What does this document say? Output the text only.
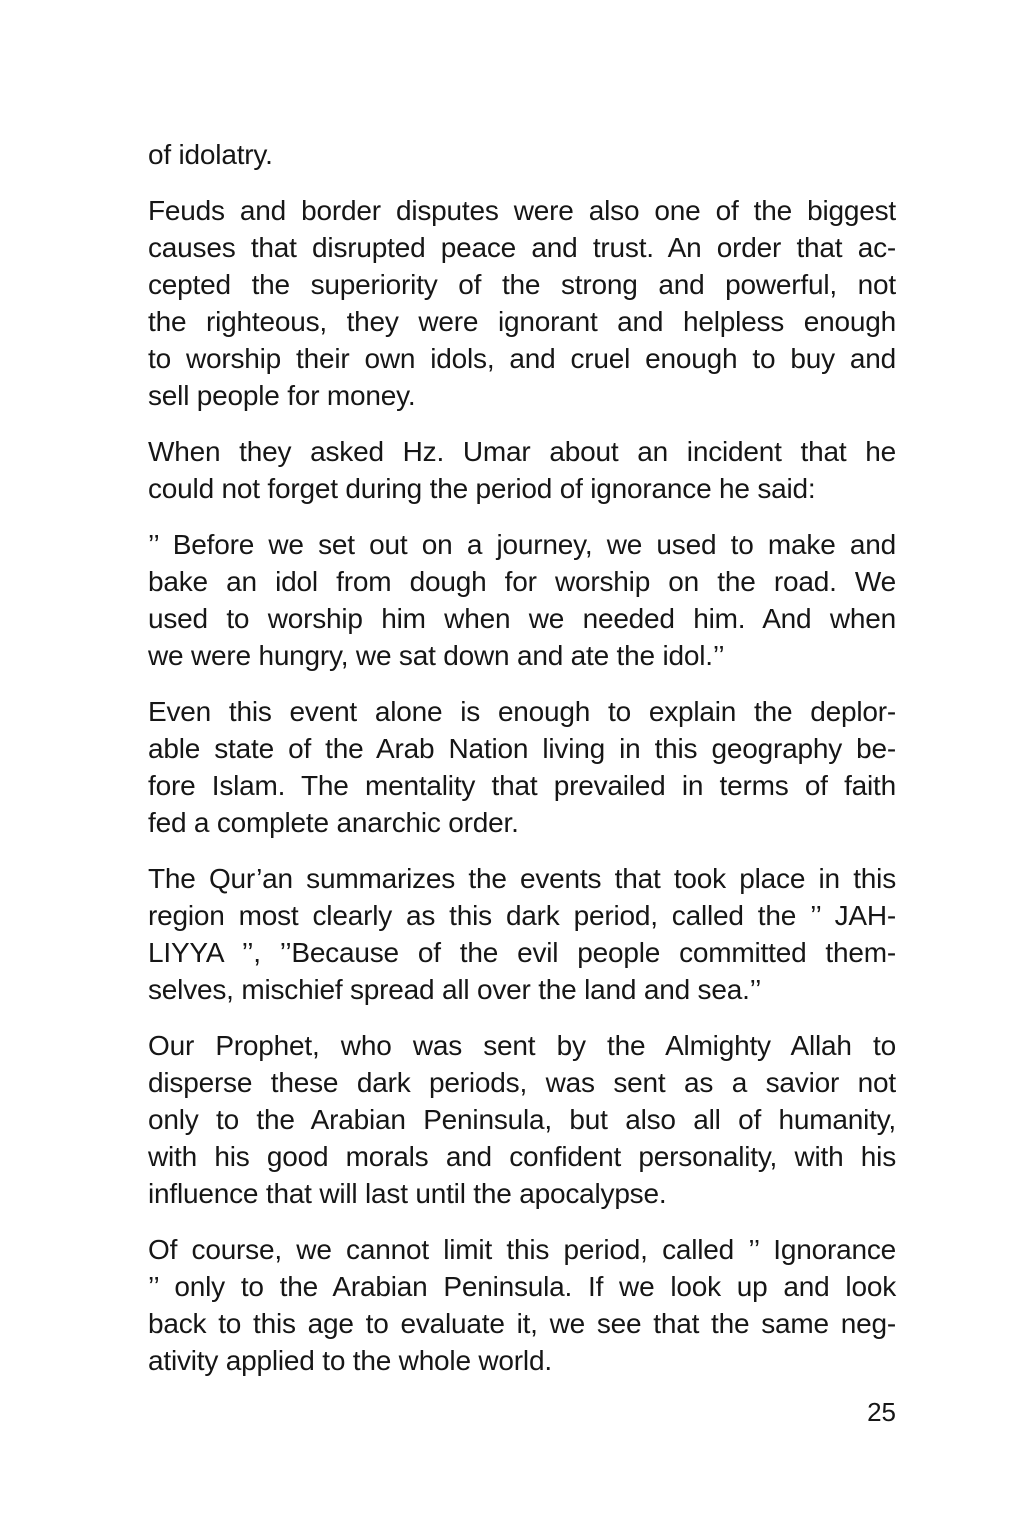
of idolatry.

Feuds and border disputes were also one of the biggest
causes that disrupted peace and trust. An order that ac-
cepted the superiority of the strong and powerful, not
the righteous, they were ignorant and helpless enough
to worship their own idols, and cruel enough to buy and
sell people for money.

When they asked Hz. Umar about an incident that he
could not forget during the period of ignorance he said:

’’ Before we set out on a journey, we used to make and
bake an idol from dough for worship on the road. We
used to worship him when we needed him. And when
we were hungry, we sat down and ate the idol.’’

Even this event alone is enough to explain the deplor-
able state of the Arab Nation living in this geography be-
fore Islam. The mentality that prevailed in terms of faith
fed a complete anarchic order.

The Qur’an summarizes the events that took place in this
region most clearly as this dark period, called the ’’ JAH-
LIYYA ’’, ’’Because of the evil people committed them-
selves, mischief spread all over the land and sea.’’

Our Prophet, who was sent by the Almighty Allah to
disperse these dark periods, was sent as a savior not
only to the Arabian Peninsula, but also all of humanity,
with his good morals and confident personality, with his
influence that will last until the apocalypse.

Of course, we cannot limit this period, called ’’ Ignorance
’’ only to the Arabian Peninsula. If we look up and look
back to this age to evaluate it, we see that the same neg-
ativity applied to the whole world.

25
